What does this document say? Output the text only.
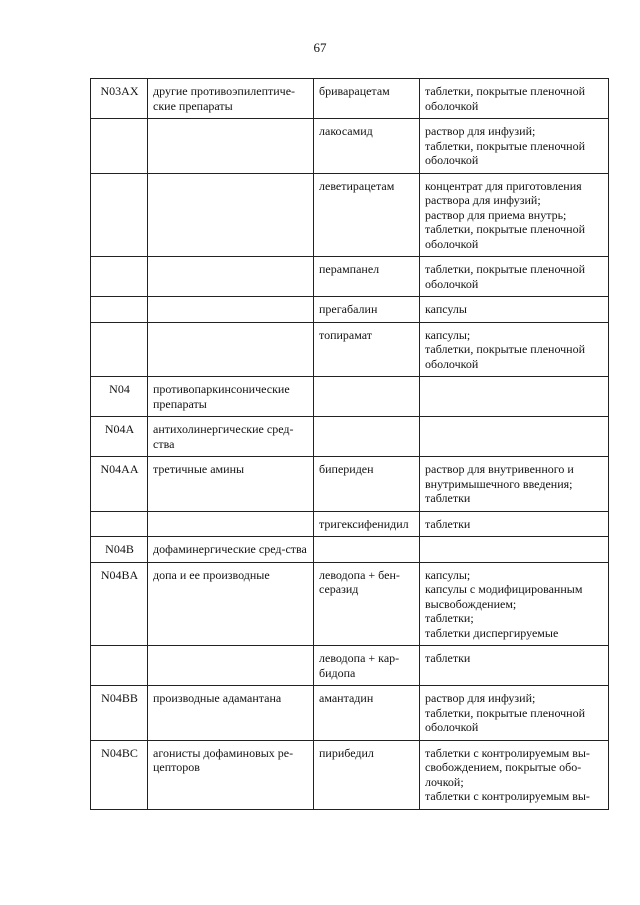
67
N03AX	другие противоэпилептиче-ские препараты	бриварацетам	таблетки, покрытые пленочной оболочкой
		лакосамид	раствор для инфузий;
таблетки, покрытые пленочной оболочкой
		леветирацетам	концентрат для приготовления раствора для инфузий;
раствор для приема внутрь;
таблетки, покрытые пленочной оболочкой
		перампанел	таблетки, покрытые пленочной оболочкой
		прегабалин	капсулы
		топирамат	капсулы;
таблетки, покрытые пленочной оболочкой
N04	противопаркинсонические препараты		
N04A	антихолинергические сред-ства		
N04AA	третичные амины	бипериден	раствор для внутривенного и внутримышечного введения;
таблетки
		тригексифенидил	таблетки
N04B	дофаминергические сред-ства		
N04BA	допа и ее производные	леводопа + бен-серазид	капсулы;
капсулы с модифицированным высвобождением;
таблетки;
таблетки диспергируемые
		леводопа + кар-бидопа	таблетки
N04BB	производные адамантана	амантадин	раствор для инфузий;
таблетки, покрытые пленочной оболочкой
N04BC	агонисты дофаминовых ре-цепторов	пирибедил	таблетки с контролируемым вы-свобождением, покрытые обо-лочкой;
таблетки с контролируемым вы-
